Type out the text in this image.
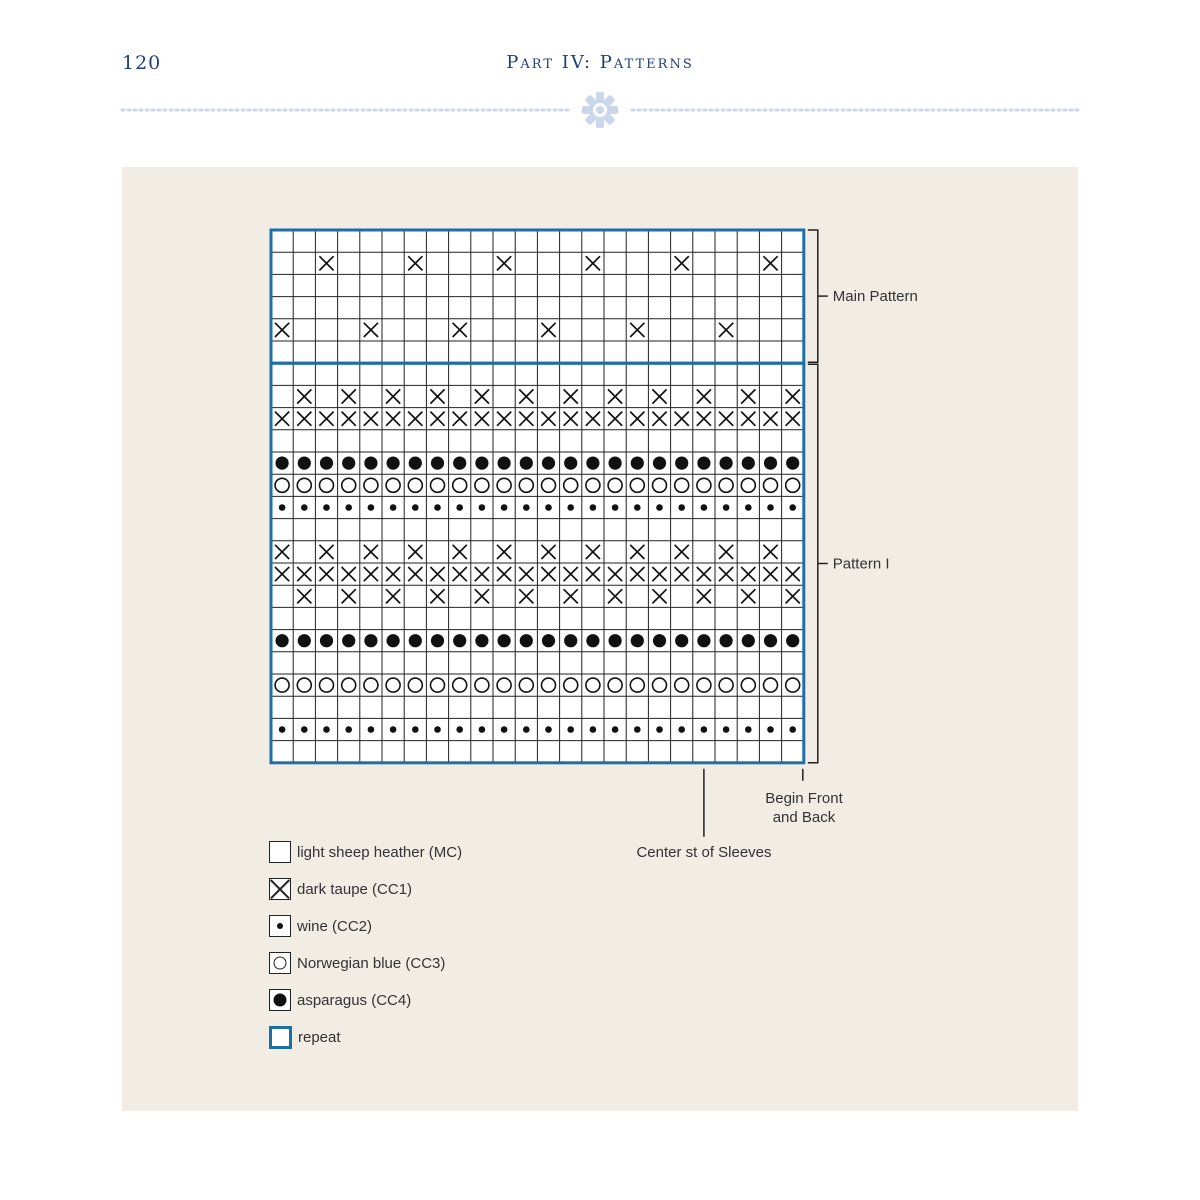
120	Part IV: Patterns
Main Pattern
Pattern I
Begin Front
and Back
Center st of Sleeves
light sheep heather (MC)
dark taupe (CC1)
wine (CC2)
Norwegian blue (CC3)
asparagus (CC4)
repeat
